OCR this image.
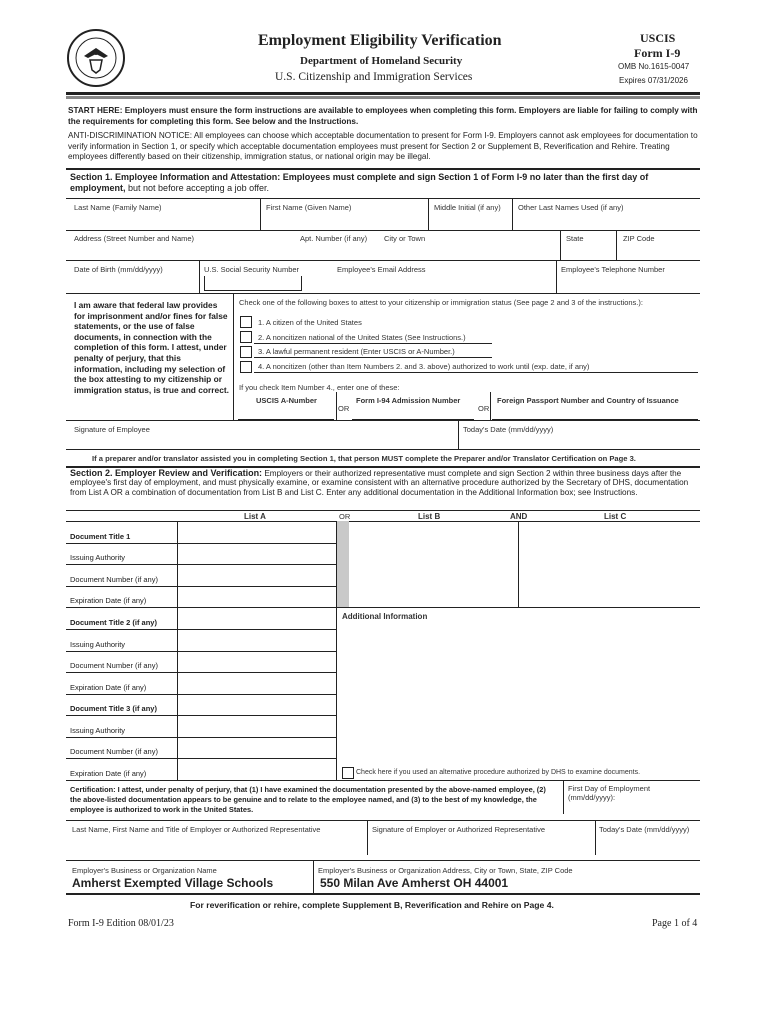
Employment Eligibility Verification
Department of Homeland Security
U.S. Citizenship and Immigration Services
USCIS
Form I-9
OMB No.1615-0047
Expires 07/31/2026
START HERE: Employers must ensure the form instructions are available to employees when completing this form. Employers are liable for failing to comply with the requirements for completing this form. See below and the Instructions.
ANTI-DISCRIMINATION NOTICE: All employees can choose which acceptable documentation to present for Form I-9. Employers cannot ask employees for documentation to verify information in Section 1, or specify which acceptable documentation employees must present for Section 2 or Supplement B, Reverification and Rehire. Treating employees differently based on their citizenship, immigration status, or national origin may be illegal.
Section 1. Employee Information and Attestation: Employees must complete and sign Section 1 of Form I-9 no later than the first day of employment, but not before accepting a job offer.
Last Name (Family Name)	First Name (Given Name)	Middle Initial (if any) Other Last Names Used (if any)
Address (Street Number and Name)	Apt. Number (if any) City or Town	State	ZIP Code
Date of Birth (mm/dd/yyyy)	U.S. Social Security Number	Employee's Email Address	Employee's Telephone Number
I am aware that federal law provides for imprisonment and/or fines for false statements, or the use of false documents, in connection with the completion of this form. I attest, under penalty of perjury, that this information, including my selection of the box attesting to my citizenship or immigration status, is true and correct.
Check one of the following boxes to attest to your citizenship or immigration status (See page 2 and 3 of the instructions.):
1. A citizen of the United States
2. A noncitizen national of the United States (See Instructions.)
3. A lawful permanent resident (Enter USCIS or A-Number.)
4. A noncitizen (other than Item Numbers 2. and 3. above) authorized to work until (exp. date, if any)
If you check Item Number 4., enter one of these:
USCIS A-Number
OR
Form I-94 Admission Number
OR
Foreign Passport Number and Country of Issuance
Signature of Employee	Today's Date (mm/dd/yyyy)
If a preparer and/or translator assisted you in completing Section 1, that person MUST complete the Preparer and/or Translator Certification on Page 3.
Section 2. Employer Review and Verification: Employers or their authorized representative must complete and sign Section 2 within three business days after the employee's first day of employment, and must physically examine, or examine consistent with an alternative procedure authorized by the Secretary of DHS, documentation from List A OR a combination of documentation from List B and List C. Enter any additional documentation in the Additional Information box; see Instructions.
List A	OR	List B	AND	List C
Document Title 1
Issuing Authority
Document Number (if any)
Expiration Date (if any)
Document Title 2 (if any)
Issuing Authority
Document Number (if any)
Expiration Date (if any)
Document Title 3 (if any)
Issuing Authority
Document Number (if any)
Expiration Date (if any)
Additional Information
Check here if you used an alternative procedure authorized by DHS to examine documents.
Certification: I attest, under penalty of perjury, that (1) I have examined the documentation presented by the above-named employee, (2) the above-listed documentation appears to be genuine and to relate to the employee named, and (3) to the best of my knowledge, the employee is authorized to work in the United States.
First Day of Employment (mm/dd/yyyy):
Last Name, First Name and Title of Employer or Authorized Representative	Signature of Employer or Authorized Representative	Today's Date (mm/dd/yyyy)
Employer's Business or Organization Name	Employer's Business or Organization Address, City or Town, State, ZIP Code
Amherst Exempted Village Schools	550 Milan Ave Amherst OH 44001
For reverification or rehire, complete Supplement B, Reverification and Rehire on Page 4.
Form I-9 Edition 08/01/23	Page 1 of 4
